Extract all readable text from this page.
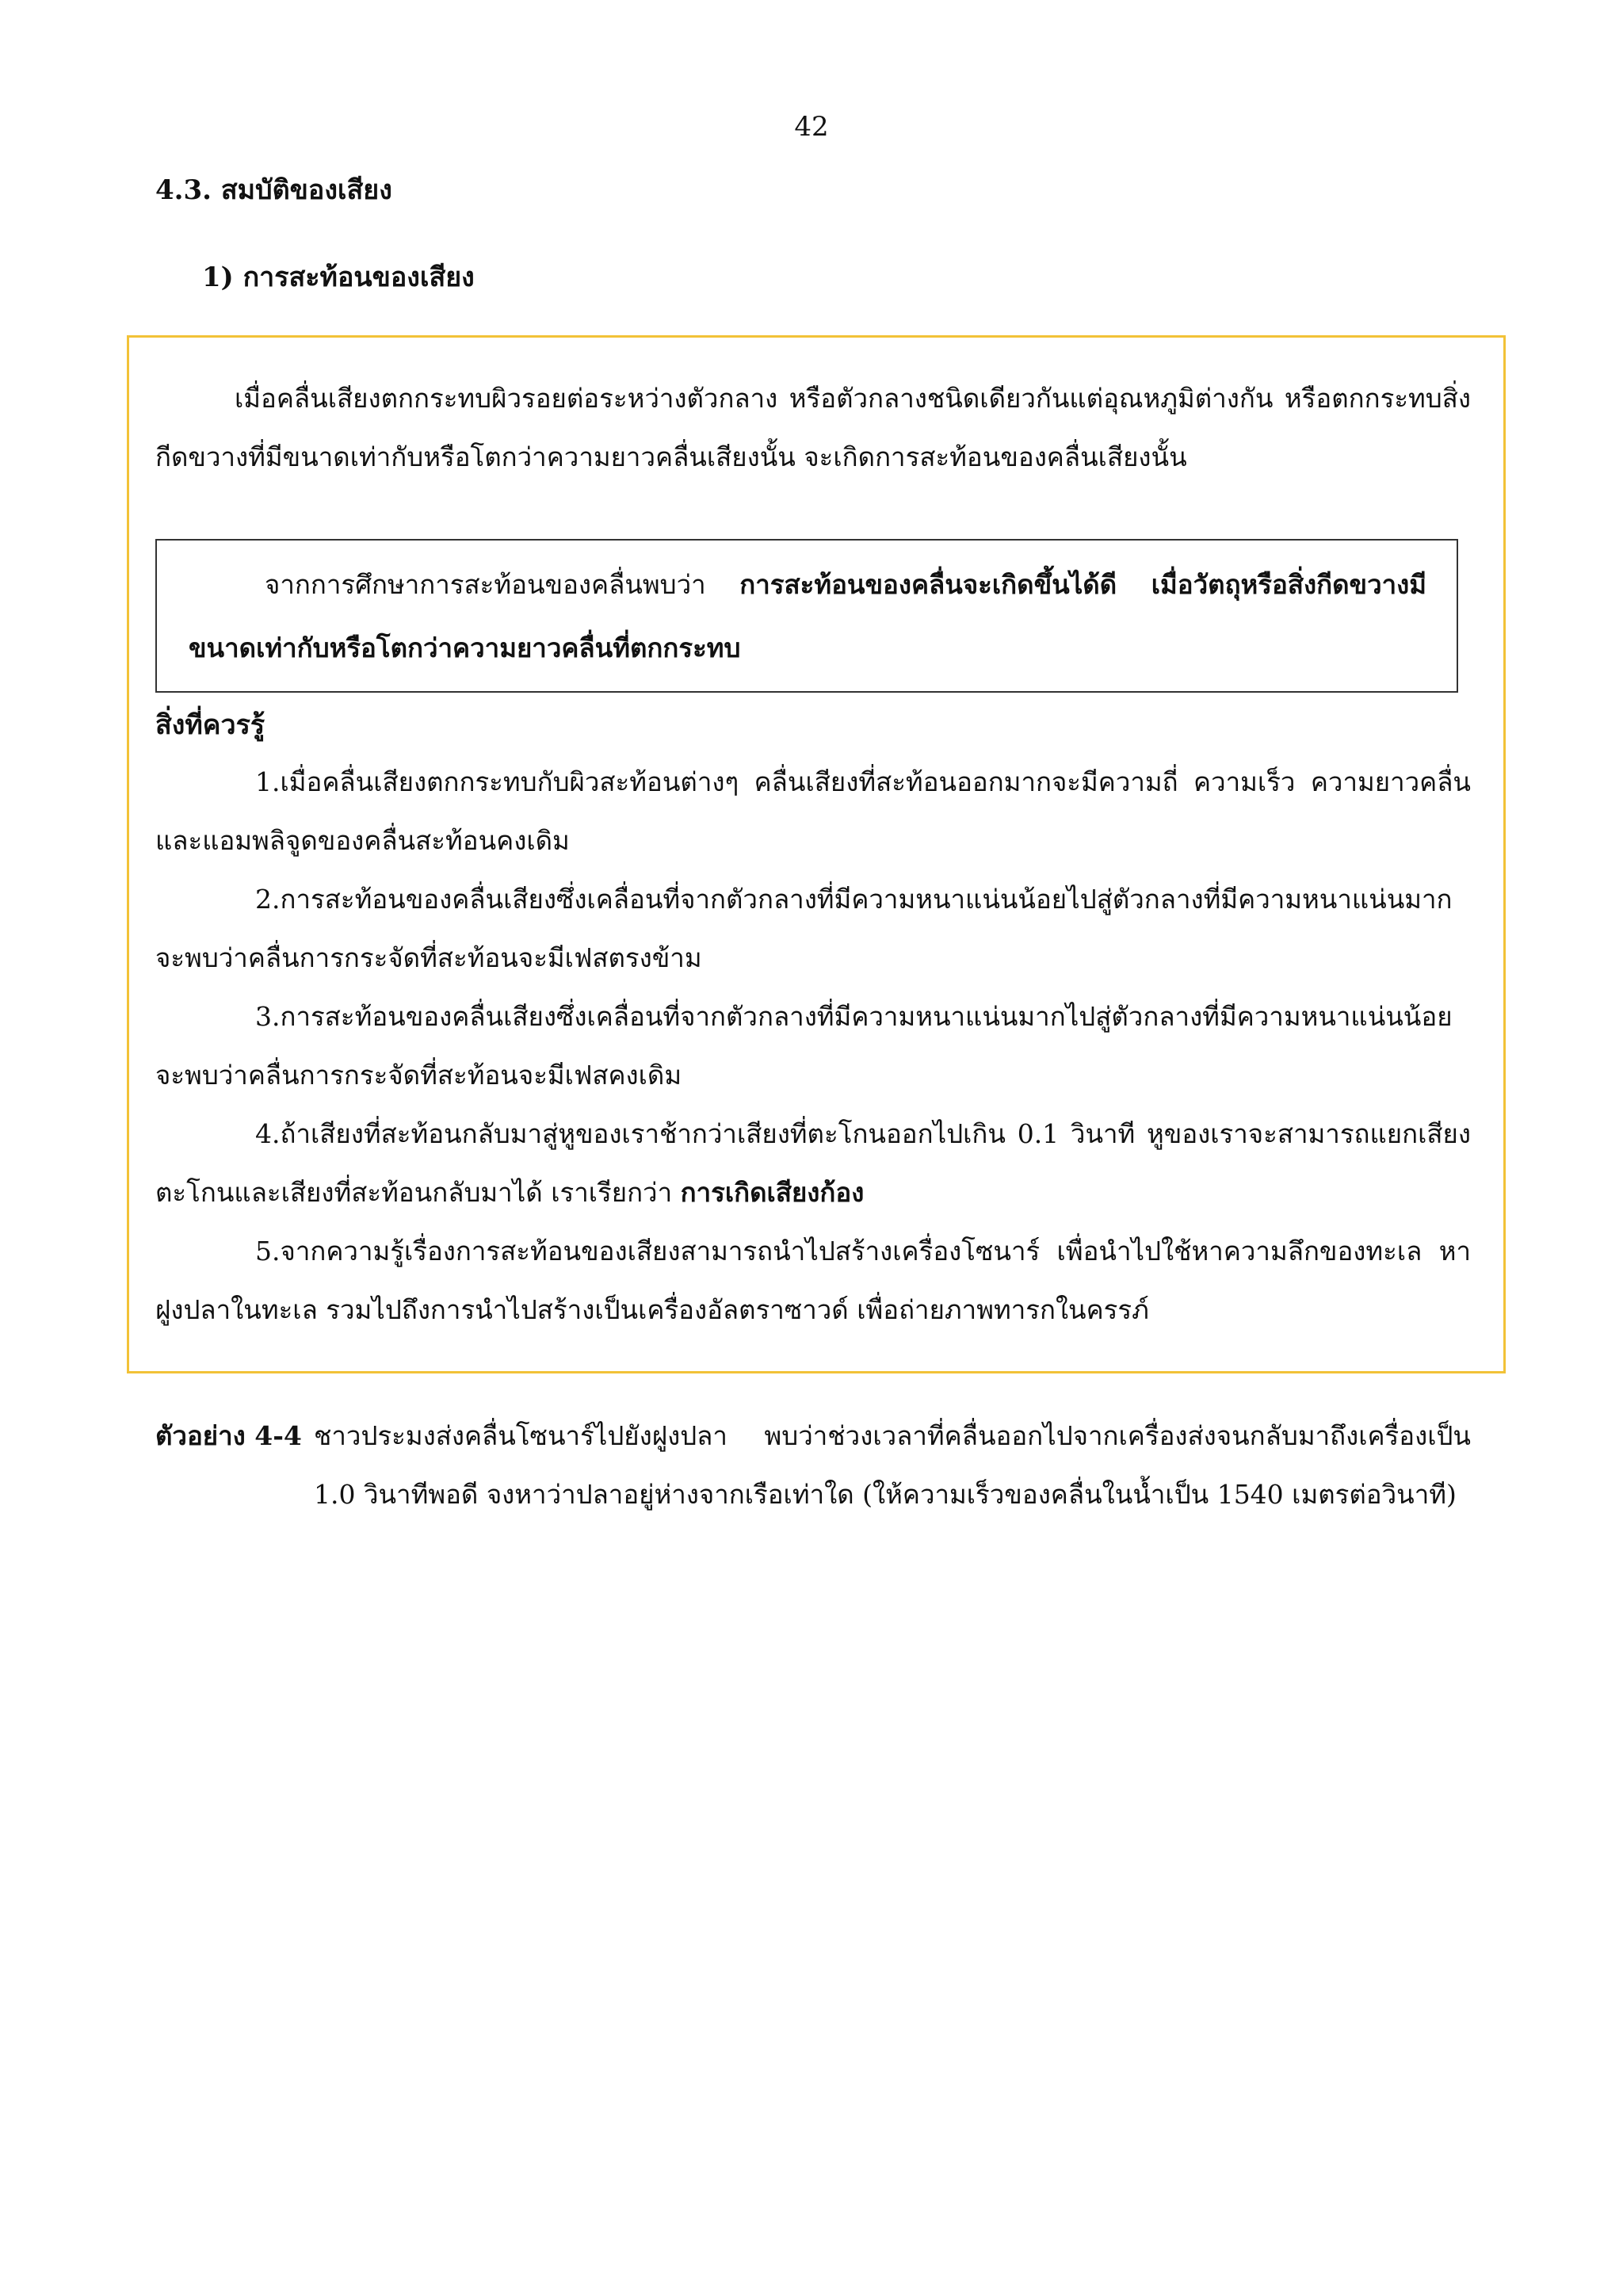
42
4.3. สมบัติของเสียง
1) การสะท้อนของเสียง

เมื่อคลื่นเสียงตกกระทบผิวรอยต่อระหว่างตัวกลาง หรือตัวกลางชนิดเดียวกันแต่อุณหภูมิต่างกัน หรือตกกระทบสิ่งกีดขวางที่มีขนาดเท่ากับหรือโตกว่าความยาวคลื่นเสียงนั้น จะเกิดการสะท้อนของคลื่นเสียงนั้น

จากการศึกษาการสะท้อนของคลื่นพบว่า การสะท้อนของคลื่นจะเกิดขึ้นได้ดี เมื่อวัตถุหรือสิ่งกีดขวางมีขนาดเท่ากับหรือโตกว่าความยาวคลื่นที่ตกกระทบ

สิ่งที่ควรรู้

1.เมื่อคลื่นเสียงตกกระทบกับผิวสะท้อนต่างๆ คลื่นเสียงที่สะท้อนออกมากจะมีความถี่ ความเร็ว ความยาวคลื่นและแอมพลิจูดของคลื่นสะท้อนคงเดิม

2.การสะท้อนของคลื่นเสียงซึ่งเคลื่อนที่จากตัวกลางที่มีความหนาแน่นน้อยไปสู่ตัวกลางที่มีความหนาแน่นมาก จะพบว่าคลื่นการกระจัดที่สะท้อนจะมีเฟสตรงข้าม

3.การสะท้อนของคลื่นเสียงซึ่งเคลื่อนที่จากตัวกลางที่มีความหนาแน่นมากไปสู่ตัวกลางที่มีความหนาแน่นน้อย จะพบว่าคลื่นการกระจัดที่สะท้อนจะมีเฟสคงเดิม

4.ถ้าเสียงที่สะท้อนกลับมาสู่หูของเราช้ากว่าเสียงที่ตะโกนออกไปเกิน 0.1 วินาที หูของเราจะสามารถแยกเสียงตะโกนและเสียงที่สะท้อนกลับมาได้ เราเรียกว่า การเกิดเสียงก้อง

5.จากความรู้เรื่องการสะท้อนของเสียงสามารถนำไปสร้างเครื่องโซนาร์ เพื่อนำไปใช้หาความลึกของทะเล หาฝูงปลาในทะเล รวมไปถึงการนำไปสร้างเป็นเครื่องอัลตราซาวด์ เพื่อถ่ายภาพทารกในครรภ์

ตัวอย่าง 4-4 ชาวประมงส่งคลื่นโซนาร์ไปยังฝูงปลา พบว่าช่วงเวลาที่คลื่นออกไปจากเครื่องส่งจนกลับมาถึงเครื่องเป็น 1.0 วินาทีพอดี จงหาว่าปลาอยู่ห่างจากเรือเท่าใด (ให้ความเร็วของคลื่นในน้ำเป็น 1540 เมตรต่อวินาที)
